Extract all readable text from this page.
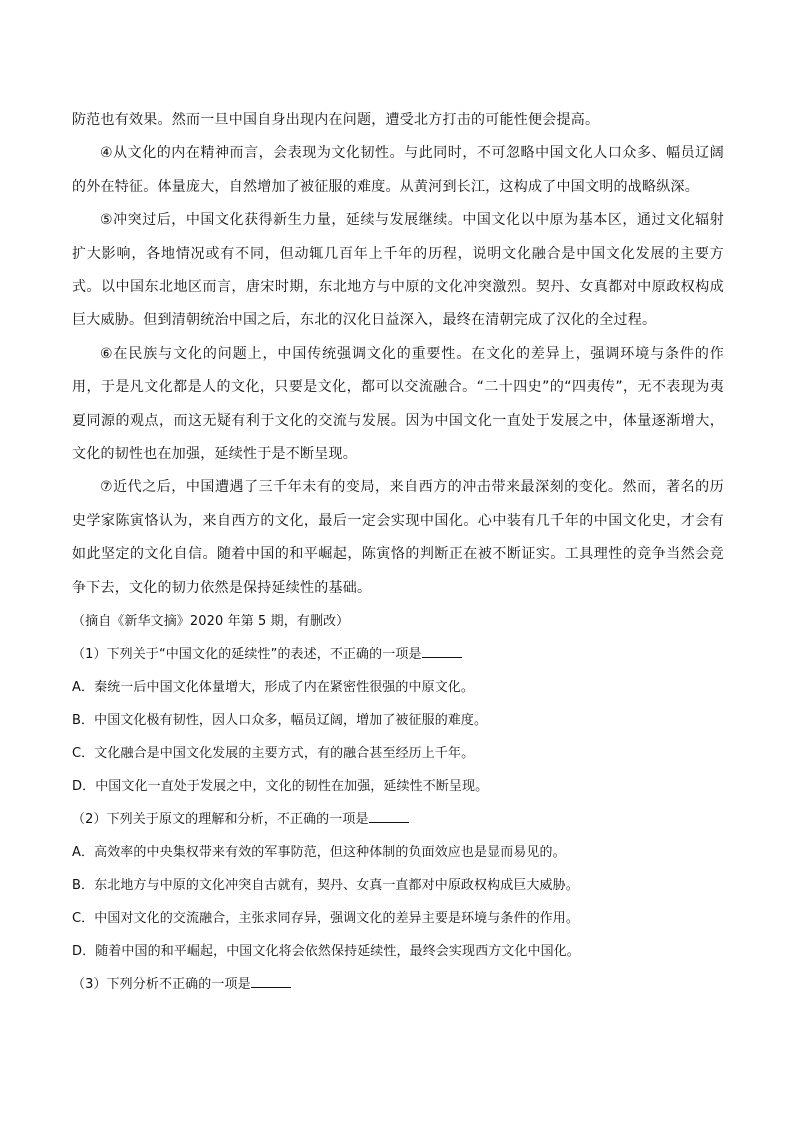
防范也有效果。然而一旦中国自身出现内在问题，遭受北方打击的可能性便会提高。

④从文化的内在精神而言，会表现为文化韧性。与此同时，不可忽略中国文化人口众多、幅员辽阔的外在特征。体量庞大，自然增加了被征服的难度。从黄河到长江，这构成了中国文明的战略纵深。

⑤冲突过后，中国文化获得新生力量，延续与发展继续。中国文化以中原为基本区，通过文化辐射扩大影响，各地情况或有不同，但动辄几百年上千年的历程，说明文化融合是中国文化发展的主要方式。以中国东北地区而言，唐宋时期，东北地方与中原的文化冲突激烈。契丹、女真都对中原政权构成巨大威胁。但到清朝统治中国之后，东北的汉化日益深入，最终在清朝完成了汉化的全过程。

⑥在民族与文化的问题上，中国传统强调文化的重要性。在文化的差异上，强调环境与条件的作用，于是凡文化都是人的文化，只要是文化，都可以交流融合。“二十四史”的“四夷传”，无不表现为夷夏同源的观点，而这无疑有利于文化的交流与发展。因为中国文化一直处于发展之中，体量逐渐增大，文化的韧性也在加强，延续性于是不断呈现。

⑦近代之后，中国遭遇了三千年未有的变局，来自西方的冲击带来最深刻的变化。然而，著名的历史学家陈寅恪认为，来自西方的文化，最后一定会实现中国化。心中装有几千年的中国文化史，才会有如此坚定的文化自信。随着中国的和平崛起，陈寅恪的判断正在被不断证实。工具理性的竞争当然会竞争下去，文化的韧力依然是保持延续性的基础。

（摘自《新华文摘》2020 年第 5 期，有删改）

（1）下列关于“中国文化的延续性”的表述，不正确的一项是

A．秦统一后中国文化体量增大，形成了内在紧密性很强的中原文化。

B．中国文化极有韧性，因人口众多，幅员辽阔，增加了被征服的难度。

C．文化融合是中国文化发展的主要方式，有的融合甚至经历上千年。

D．中国文化一直处于发展之中，文化的韧性在加强，延续性不断呈现。

（2）下列关于原文的理解和分析，不正确的一项是

A．高效率的中央集权带来有效的军事防范，但这种体制的负面效应也是显而易见的。

B．东北地方与中原的文化冲突自古就有，契丹、女真一直都对中原政权构成巨大威胁。

C．中国对文化的交流融合，主张求同存异，强调文化的差异主要是环境与条件的作用。

D．随着中国的和平崛起，中国文化将会依然保持延续性，最终会实现西方文化中国化。

（3）下列分析不正确的一项是
